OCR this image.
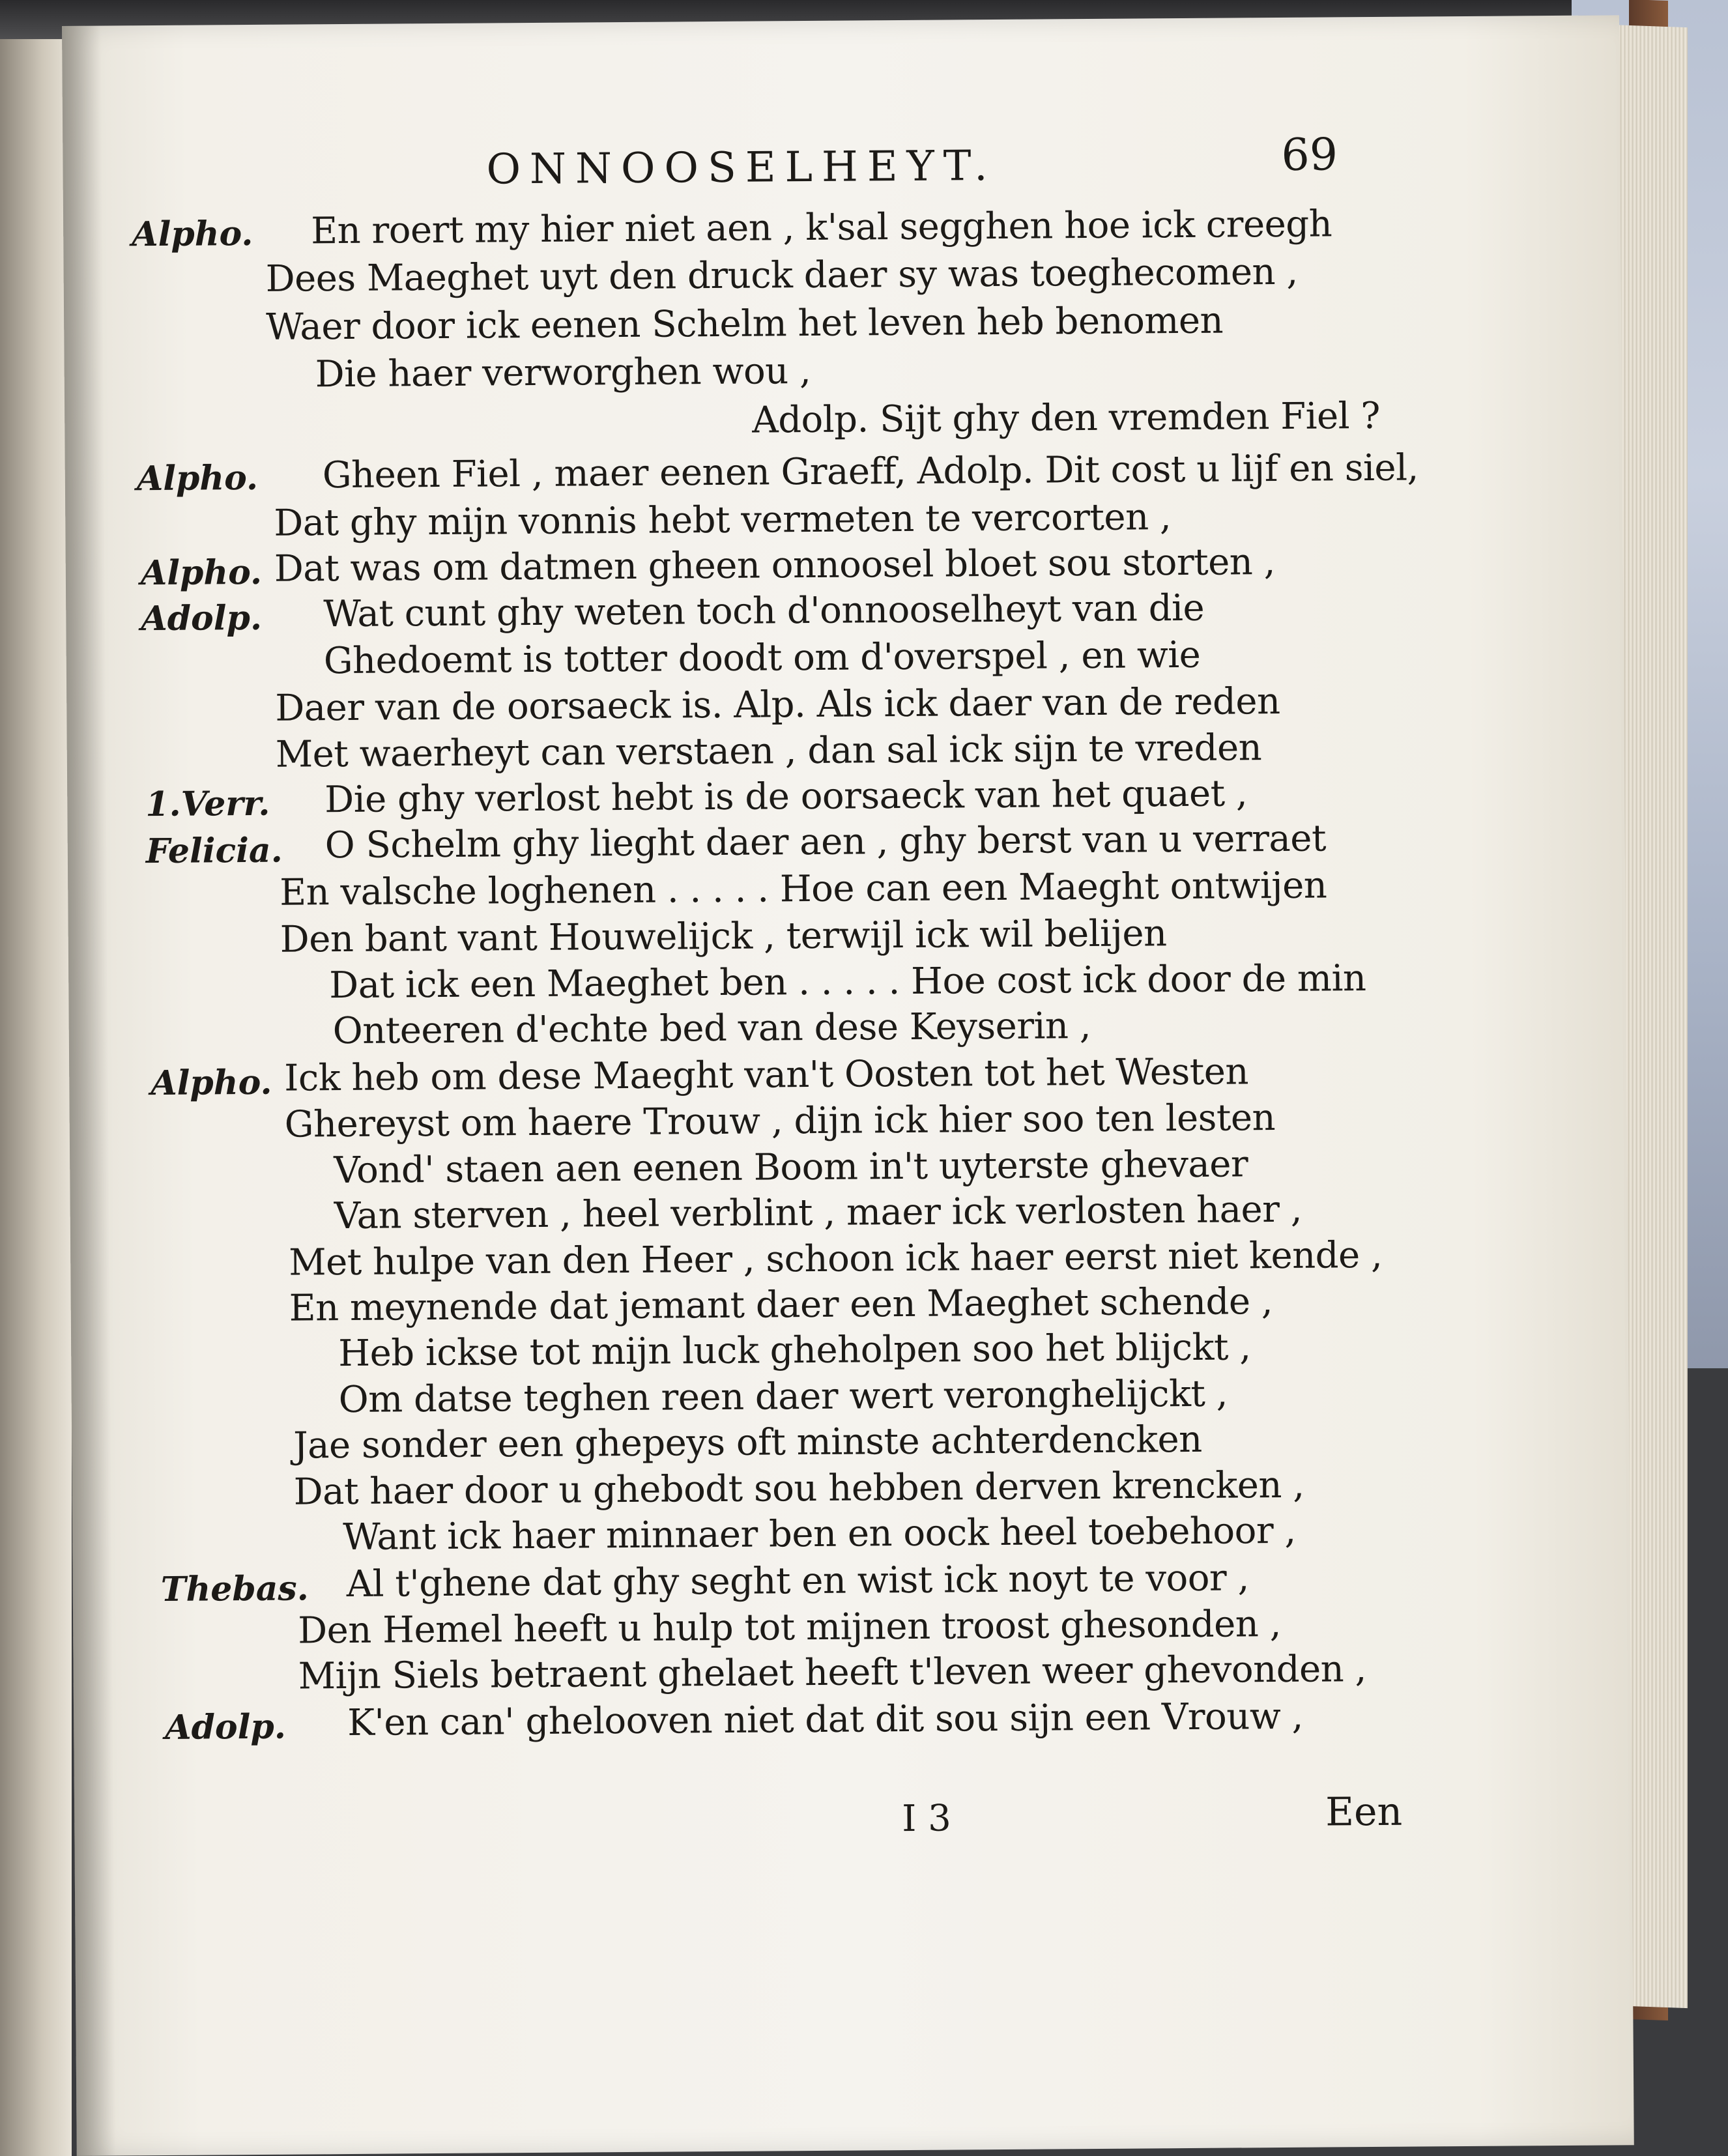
ONNOOSELHEYT.	69
Alpho. En roert my hier niet aen , k'sal segghen hoe ick creegh
Dees Maeghet uyt den druck daer sy was toeghecomen ,
Waer door ick eenen Schelm het leven heb benomen
Die haer verworghen wou ,
Adolp. Sijt ghy den vremden Fiel ?
Alpho. Gheen Fiel , maer eenen Graeff, Adolp. Dit cost u lijf en siel,
Dat ghy mijn vonnis hebt vermeten te vercorten ,
Alpho. Dat was om datmen gheen onnoosel bloet sou storten ,
Adolp. Wat cunt ghy weten toch d'onnooselheyt van die
Ghedoemt is totter doodt om d'overspel , en wie
Daer van de oorsaeck is. Alp. Als ick daer van de reden
Met waerheyt can verstaen , dan sal ick sijn te vreden
1.Verr. Die ghy verlost hebt is de oorsaeck van het quaet ,
Felicia. O Schelm ghy lieght daer aen , ghy berst van u verraet
En valsche loghenen . . . . . Hoe can een Maeght ontwijen
Den bant vant Houwelijck , terwijl ick wil belijen
Dat ick een Maeghet ben . . . . . Hoe cost ick door de min
Onteeren d'echte bed van dese Keyserin ,
Alpho. Ick heb om dese Maeght van't Oosten tot het Westen
Ghereyst om haere Trouw , dijn ick hier soo ten lesten
Vond' staen aen eenen Boom in't uyterste ghevaer
Van sterven , heel verblint , maer ick verlosten haer ,
Met hulpe van den Heer , schoon ick haer eerst niet kende ,
En meynende dat jemant daer een Maeghet schende ,
Heb ickse tot mijn luck gheholpen soo het blijckt ,
Om datse teghen reen daer wert veronghelijckt ,
Jae sonder een ghepeys oft minste achterdencken
Dat haer door u ghebodt sou hebben derven krencken ,
Want ick haer minnaer ben en oock heel toebehoor ,
Thebas. Al t'ghene dat ghy seght en wist ick noyt te voor ,
Den Hemel heeft u hulp tot mijnen troost ghesonden ,
Mijn Siels betraent ghelaet heeft t'leven weer ghevonden ,
Adolp. K'en can' ghelooven niet dat dit sou sijn een Vrouw ,
I 3	Een
